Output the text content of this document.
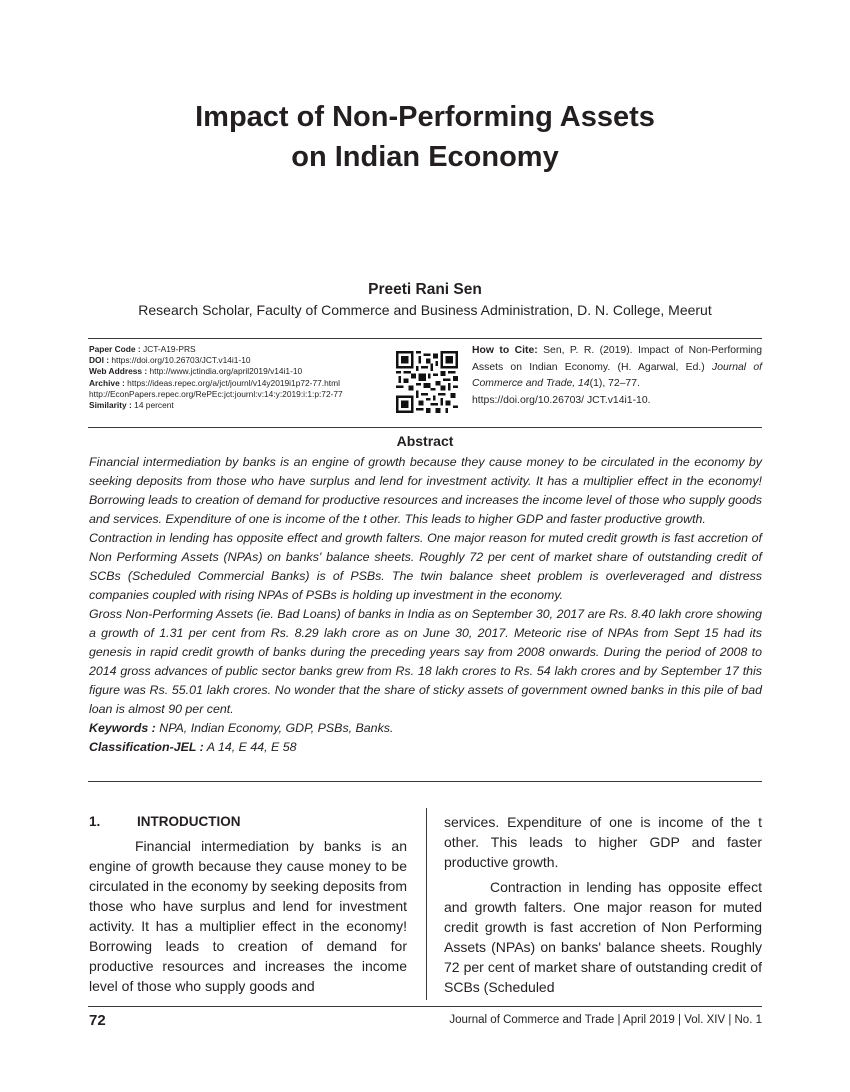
Impact of Non-Performing Assets
on Indian Economy
Preeti Rani Sen
Research Scholar, Faculty of Commerce and Business Administration, D. N. College, Meerut
Paper Code : JCT-A19-PRS
DOI : https://doi.org/10.26703/JCT.v14i1-10
Web Address : http://www.jctindia.org/april2019/v14i1-10
Archive : https://ideas.repec.org/a/jct/journl/v14y2019i1p72-77.html
http://EconPapers.repec.org/RePEc:jct:journl:v:14:y:2019:i:1:p:72-77
Similarity : 14 percent
How to Cite: Sen, P. R. (2019). Impact of Non-Performing Assets on Indian Economy. (H. Agarwal, Ed.) Journal of Commerce and Trade, 14(1), 72–77.
https://doi.org/10.26703/ JCT.v14i1-10.
Abstract

Financial intermediation by banks is an engine of growth because they cause money to be circulated in the economy by seeking deposits from those who have surplus and lend for investment activity. It has a multiplier effect in the economy! Borrowing leads to creation of demand for productive resources and increases the income level of those who supply goods and services. Expenditure of one is income of the t other. This leads to higher GDP and faster productive growth.

Contraction in lending has opposite effect and growth falters. One major reason for muted credit growth is fast accretion of Non Performing Assets (NPAs) on banks' balance sheets. Roughly 72 per cent of market share of outstanding credit of SCBs (Scheduled Commercial Banks) is of PSBs. The twin balance sheet problem is overleveraged and distress companies coupled with rising NPAs of PSBs is holding up investment in the economy.

Gross Non-Performing Assets (ie. Bad Loans) of banks in India as on September 30, 2017 are Rs. 8.40 lakh crore showing a growth of 1.31 per cent from Rs. 8.29 lakh crore as on June 30, 2017. Meteoric rise of NPAs from Sept 15 had its genesis in rapid credit growth of banks during the preceding years say from 2008 onwards. During the period of 2008 to 2014 gross advances of public sector banks grew from Rs. 18 lakh crores to Rs. 54 lakh crores and by September 17 this figure was Rs. 55.01 lakh crores. No wonder that the share of sticky assets of government owned banks in this pile of bad loan is almost 90 per cent.

Keywords : NPA, Indian Economy, GDP, PSBs, Banks.

Classification-JEL : A 14, E 44, E 58

1.	INTRODUCTION

Financial intermediation by banks is an engine of growth because they cause money to be circulated in the economy by seeking deposits from those who have surplus and lend for investment activity. It has a multiplier effect in the economy! Borrowing leads to creation of demand for productive resources and increases the income level of those who supply goods and

services. Expenditure of one is income of the t other. This leads to higher GDP and faster productive growth.

Contraction in lending has opposite effect and growth falters. One major reason for muted credit growth is fast accretion of Non Performing Assets (NPAs) on banks' balance sheets. Roughly 72 per cent of market share of outstanding credit of SCBs (Scheduled

72	Journal of Commerce and Trade | April 2019 | Vol. XIV | No. 1
